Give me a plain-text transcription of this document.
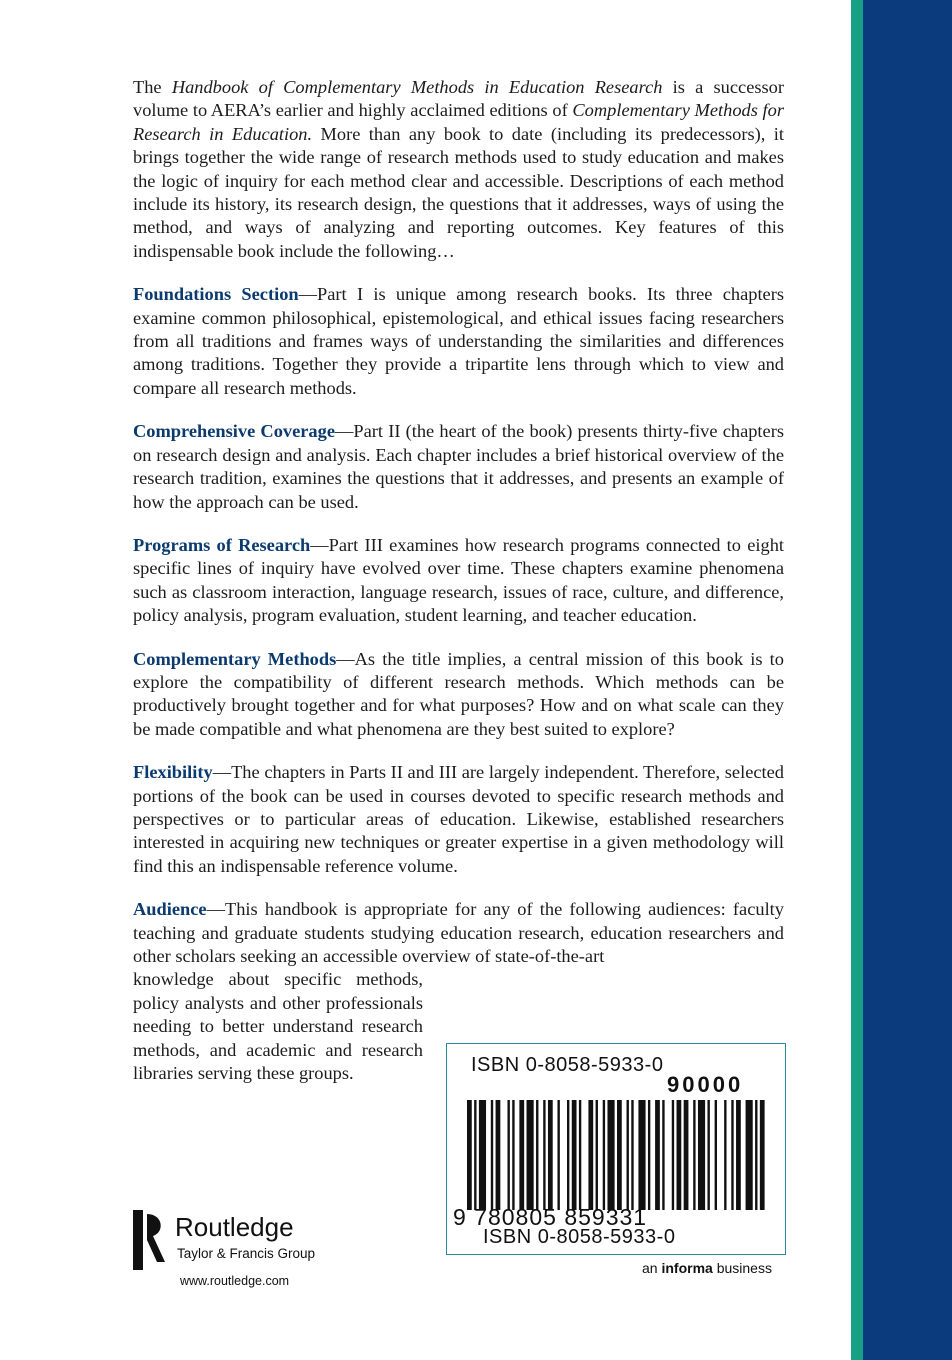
The Handbook of Complementary Methods in Education Research is a successor volume to AERA’s earlier and highly acclaimed editions of Complementary Methods for Research in Education. More than any book to date (including its predecessors), it brings together the wide range of research methods used to study education and makes the logic of inquiry for each method clear and accessible. Descriptions of each method include its history, its research design, the questions that it addresses, ways of using the method, and ways of analyzing and reporting outcomes. Key features of this indispensable book include the following…

Foundations Section—Part I is unique among research books. Its three chapters examine common philosophical, epistemological, and ethical issues facing researchers from all traditions and frames ways of understanding the similarities and differences among traditions. Together they provide a tripartite lens through which to view and compare all research methods.

Comprehensive Coverage—Part II (the heart of the book) presents thirty-five chapters on research design and analysis. Each chapter includes a brief historical overview of the research tradition, examines the questions that it addresses, and presents an example of how the approach can be used.

Programs of Research—Part III examines how research programs connected to eight specific lines of inquiry have evolved over time. These chapters examine phenomena such as classroom interaction, language research, issues of race, culture, and difference, policy analysis, program evaluation, student learning, and teacher education.

Complementary Methods—As the title implies, a central mission of this book is to explore the compatibility of different research methods. Which methods can be productively brought together and for what purposes? How and on what scale can they be made compatible and what phenomena are they best suited to explore?

Flexibility—The chapters in Parts II and III are largely independent. Therefore, selected portions of the book can be used in courses devoted to specific research methods and perspectives or to particular areas of education. Likewise, established researchers interested in acquiring new techniques or greater expertise in a given methodology will find this an indispensable reference volume.

Audience—This handbook is appropriate for any of the following audiences: faculty teaching and graduate students studying education research, education researchers and other scholars seeking an accessible overview of state-of-the-art

knowledge about specific methods, policy analysts and other professionals needing to better understand research methods, and academic and research libraries serving these groups.	ISBN 0-8058-5933-0
90000
9 780805 859331
ISBN 0-8058-5933-0
an informa business
Routledge
Taylor & Francis Group
www.routledge.com
